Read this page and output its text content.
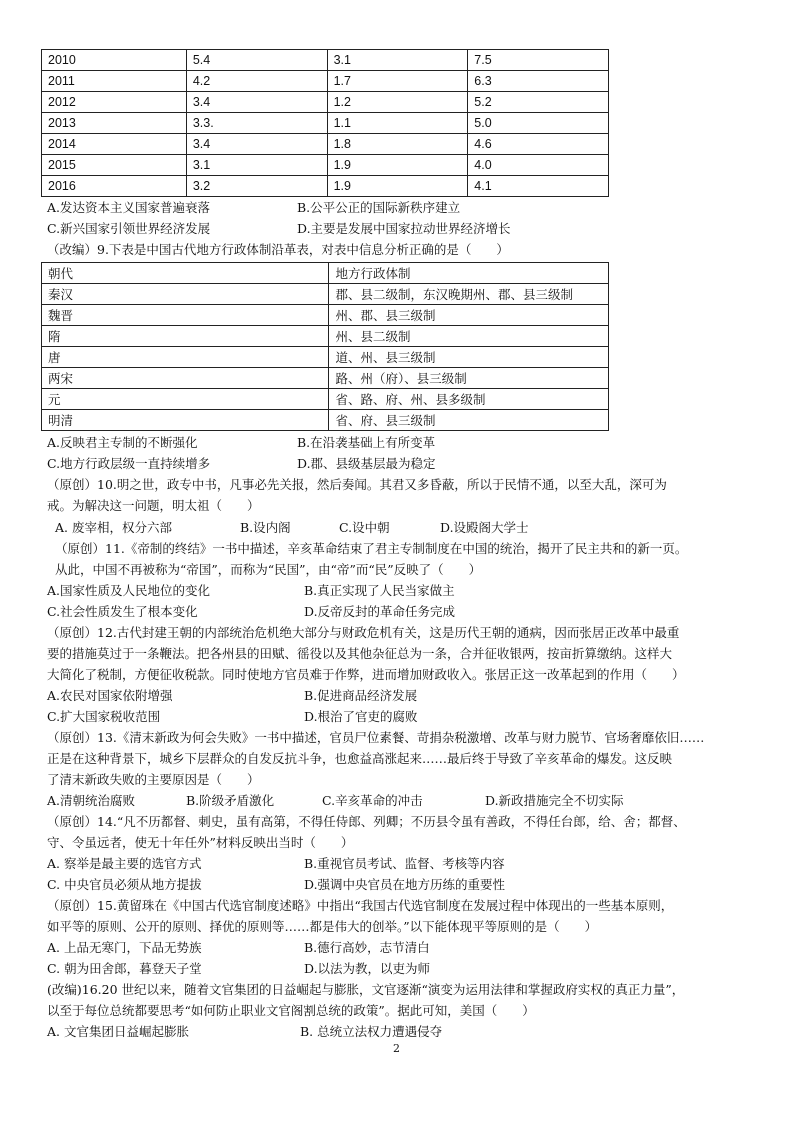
2010	5.4	3.1	7.5
2011	4.2	1.7	6.3
2012	3.4	1.2	5.2
2013	3.3.	1.1	5.0
2014	3.4	1.8	4.6
2015	3.1	1.9	4.0
2016	3.2	1.9	4.1
A.发达资本主义国家普遍衰落	B.公平公正的国际新秩序建立
C.新兴国家引领世界经济发展	D.主要是发展中国家拉动世界经济增长
（改编）9.下表是中国古代地方行政体制沿革表，对表中信息分析正确的是（　　）
朝代	地方行政体制
秦汉	郡、县二级制，东汉晚期州、郡、县三级制
魏晋	州、郡、县三级制
隋	州、县二级制
唐	道、州、县三级制
两宋	路、州（府）、县三级制
元	省、路、府、州、县多级制
明清	省、府、县三级制
A.反映君主专制的不断强化	B.在沿袭基础上有所变革
C.地方行政层级一直持续增多	D.郡、县级基层最为稳定
（原创）10.明之世，政专中书，凡事必先关报，然后奏闻。其君又多昏蔽，所以于民情不通，以至大乱，深可为
戒。为解决这一问题，明太祖（　　）
A. 废宰相，权分六部	B.设内阁	C.设中朝	D.设殿阁大学士
（原创）11.《帝制的终结》一书中描述，辛亥革命结束了君主专制制度在中国的统治，揭开了民主共和的新一页。
从此，中国不再被称为“帝国”，而称为“民国”，由“帝”而“民”反映了（　　）
A.国家性质及人民地位的变化	B.真正实现了人民当家做主
C.社会性质发生了根本变化	D.反帝反封的革命任务完成
（原创）12.古代封建王朝的内部统治危机绝大部分与财政危机有关，这是历代王朝的通病，因而张居正改革中最重
要的措施莫过于一条鞭法。把各州县的田赋、徭役以及其他杂征总为一条，合并征收银两，按亩折算缴纳。这样大
大简化了税制，方便征收税款。同时使地方官员难于作弊，进而增加财政收入。张居正这一改革起到的作用（　　）
A.农民对国家依附增强	B.促进商品经济发展
C.扩大国家税收范围	D.根治了官吏的腐败
（原创）13.《清末新政为何会失败》一书中描述，官员尸位素餐、苛捐杂税激增、改革与财力脱节、官场奢靡依旧……
正是在这种背景下，城乡下层群众的自发反抗斗争，也愈益高涨起来……最后终于导致了辛亥革命的爆发。这反映
了清末新政失败的主要原因是（　　）
A.清朝统治腐败	B.阶级矛盾激化	C.辛亥革命的冲击	D.新政措施完全不切实际
（原创）14.“凡不历都督、刺史，虽有高第，不得任侍郎、列卿；不历县令虽有善政，不得任台郎，给、舍；都督、
守、令虽远者，使无十年任外”材料反映出当时（　　）
A. 察举是最主要的选官方式	B.重视官员考试、监督、考核等内容
C. 中央官员必须从地方提拔	D.强调中央官员在地方历练的重要性
（原创）15.黄留珠在《中国古代选官制度述略》中指出“我国古代选官制度在发展过程中体现出的一些基本原则，
如平等的原则、公开的原则、择优的原则等……都是伟大的创举。”以下能体现平等原则的是（　　）
A. 上品无寒门，下品无势族	B.德行高妙，志节清白
C. 朝为田舍郎，暮登天子堂	D.以法为教，以吏为师
(改编)16.20 世纪以来，随着文官集团的日益崛起与膨胀，文官逐渐“演变为运用法律和掌握政府实权的真正力量”，
以至于每位总统都要思考“如何防止职业文官阁割总统的政策”。据此可知，美国（　　）
A. 文官集团日益崛起膨胀	B. 总统立法权力遭遇侵夺
2
